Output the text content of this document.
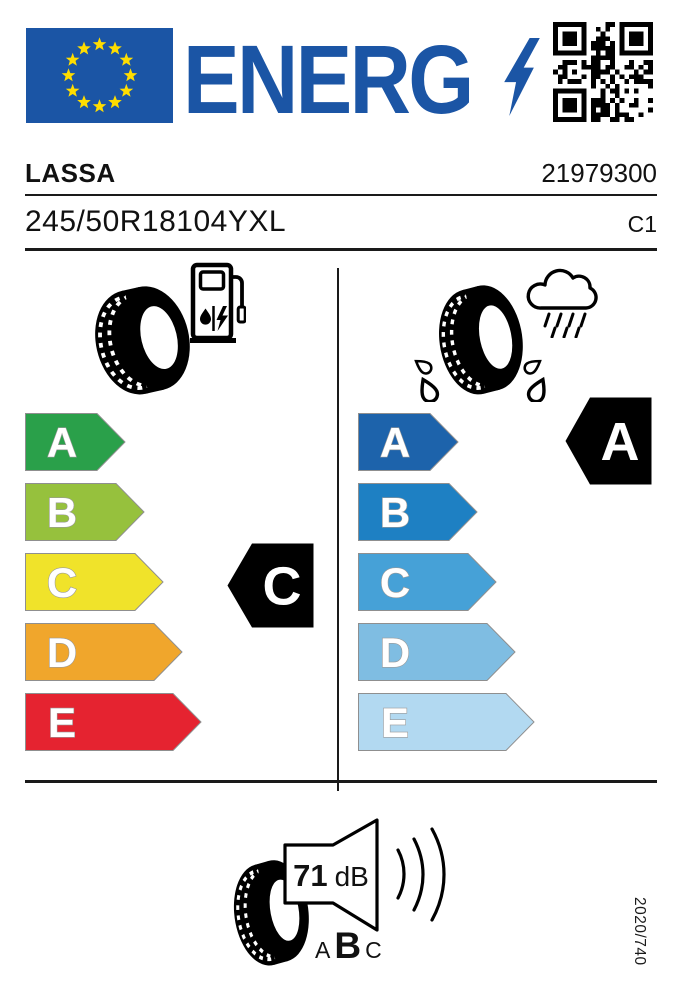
ENERG
LASSA	21979300
245/50R18104YXL	C1
A
B
C
D
E
A
B
C
D
E
C
A
71 dB
A B C	2020/740
